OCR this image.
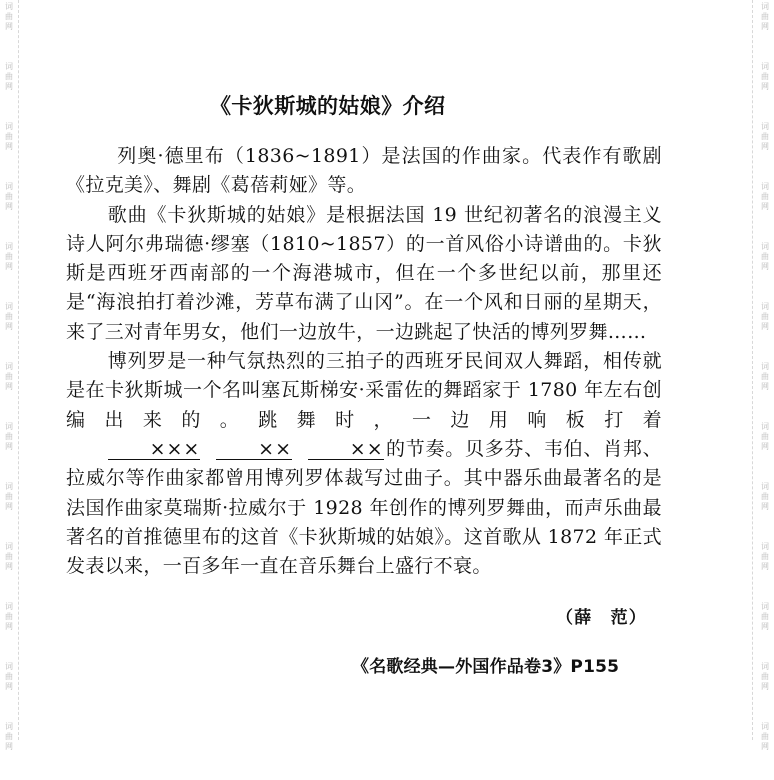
词
曲
网
词
曲
网
词
曲
网
词
曲
网
词
曲
网
词
曲
网
词
曲
网
词
曲
网
词
曲
网
词
曲
网
词
曲
网
词
曲
网
词
曲
网
词
曲
网
词
曲
网
词
曲
网
词
曲
网
词
曲
网
词
曲
网
词
曲
网
词
曲
网
词
曲
网
词
曲
网
词
曲
网
词
曲
网
词
曲
网
《卡狄斯城的姑娘》介绍

列奥·德里布（1836~1891）是法国的作曲家。代表作有歌剧《拉克美》、舞剧《葛蓓莉娅》等。

歌曲《卡狄斯城的姑娘》是根据法国 19 世纪初著名的浪漫主义诗人阿尔弗瑞德·缪塞（1810~1857）的一首风俗小诗谱曲的。卡狄斯是西班牙西南部的一个海港城市，但在一个多世纪以前，那里还是“海浪拍打着沙滩，芳草布满了山冈”。在一个风和日丽的星期天，来了三对青年男女，他们一边放牛，一边跳起了快活的博列罗舞……

博列罗是一种气氛热烈的三拍子的西班牙民间双人舞蹈，相传就是在卡狄斯城一个名叫塞瓦斯梯安·采雷佐的舞蹈家于 1780 年左右创编出来的。跳舞时，一边用响板打着×××	××	×× 的节奏。贝多芬、韦伯、肖邦、拉威尔等作曲家都曾用博列罗体裁写过曲子。其中器乐曲最著名的是法国作曲家莫瑞斯·拉威尔于 1928 年创作的博列罗舞曲，而声乐曲最著名的首推德里布的这首《卡狄斯城的姑娘》。这首歌从 1872 年正式发表以来，一百多年一直在音乐舞台上盛行不衰。

（薛　范）
《名歌经典—外国作品卷3》P155
